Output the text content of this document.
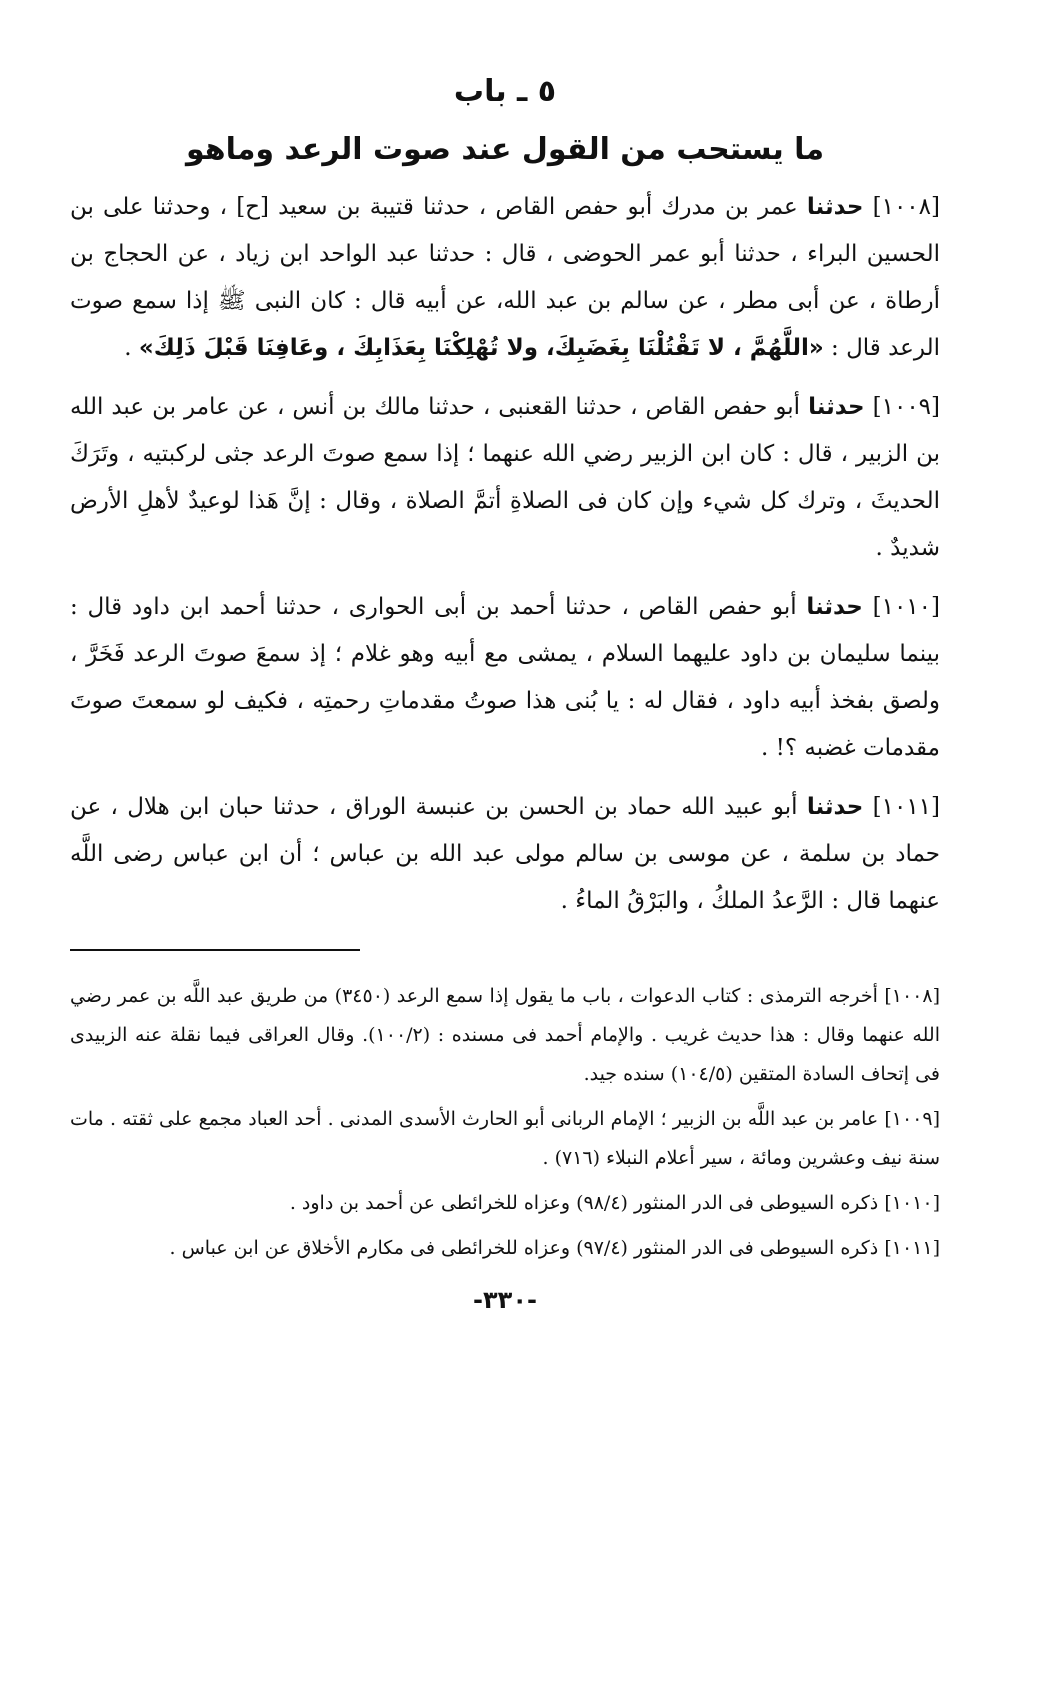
٥ ـ باب
ما يستحب من القول عند صوت الرعد وماهو

[١٠٠٨] حدثنا عمر بن مدرك أبو حفص القاص ، حدثنا قتيبة بن سعيد [ح] ، وحدثنا على بن الحسين البراء ، حدثنا أبو عمر الحوضى ، قال : حدثنا عبد الواحد ابن زياد ، عن الحجاج بن أرطاة ، عن أبى مطر ، عن سالم بن عبد الله، عن أبيه قال : كان النبى ﷺ إذا سمع صوت الرعد قال : «اللَّهُمَّ ، لا تَقْتُلْنَا بِغَضَبِكَ، ولا تُهْلِكْنَا بِعَذَابِكَ ، وعَافِنَا قَبْلَ ذَلِكَ» .

[١٠٠٩] حدثنا أبو حفص القاص ، حدثنا القعنبى ، حدثنا مالك بن أنس ، عن عامر بن عبد الله بن الزبير ، قال : كان ابن الزبير رضي الله عنهما ؛ إذا سمع صوتَ الرعد جثى لركبتيه ، وتَرَكَ الحديثَ ، وترك كل شيء وإن كان فى الصلاةِ أتمَّ الصلاة ، وقال : إنَّ هَذا لوعيدٌ لأهلِ الأرض شديدٌ .

[١٠١٠] حدثنا أبو حفص القاص ، حدثنا أحمد بن أبى الحوارى ، حدثنا أحمد ابن داود قال : بينما سليمان بن داود عليهما السلام ، يمشى مع أبيه وهو غلام ؛ إذ سمعَ صوتَ الرعد فَخَرَّ ، ولصق بفخذ أبيه داود ، فقال له : يا بُنى هذا صوتُ مقدماتِ رحمتِه ، فكيف لو سمعتَ صوتَ مقدمات غضبه ؟! .

[١٠١١] حدثنا أبو عبيد الله حماد بن الحسن بن عنبسة الوراق ، حدثنا حبان ابن هلال ، عن حماد بن سلمة ، عن موسى بن سالم مولى عبد الله بن عباس ؛ أن ابن عباس رضى اللَّه عنهما قال : الرَّعدُ الملكُ ، والبَرْقُ الماءُ .

[١٠٠٨] أخرجه الترمذى : كتاب الدعوات ، باب ما يقول إذا سمع الرعد (٣٤٥٠) من طريق عبد اللَّه بن عمر رضي الله عنهما وقال : هذا حديث غريب . والإمام أحمد فى مسنده : (١٠٠/٢). وقال العراقى فيما نقلة عنه الزبيدى فى إتحاف السادة المتقين (١٠٤/٥) سنده جيد.

[١٠٠٩] عامر بن عبد اللَّه بن الزبير ؛ الإمام الربانى أبو الحارث الأسدى المدنى . أحد العباد مجمع على ثقته . مات سنة نيف وعشرين ومائة ، سير أعلام النبلاء (٧١٦) .

[١٠١٠] ذكره السيوطى فى الدر المنثور (٩٨/٤) وعزاه للخرائطى عن أحمد بن داود .

[١٠١١] ذكره السيوطى فى الدر المنثور (٩٧/٤) وعزاه للخرائطى فى مكارم الأخلاق عن ابن عباس .

-٣٣٠-
